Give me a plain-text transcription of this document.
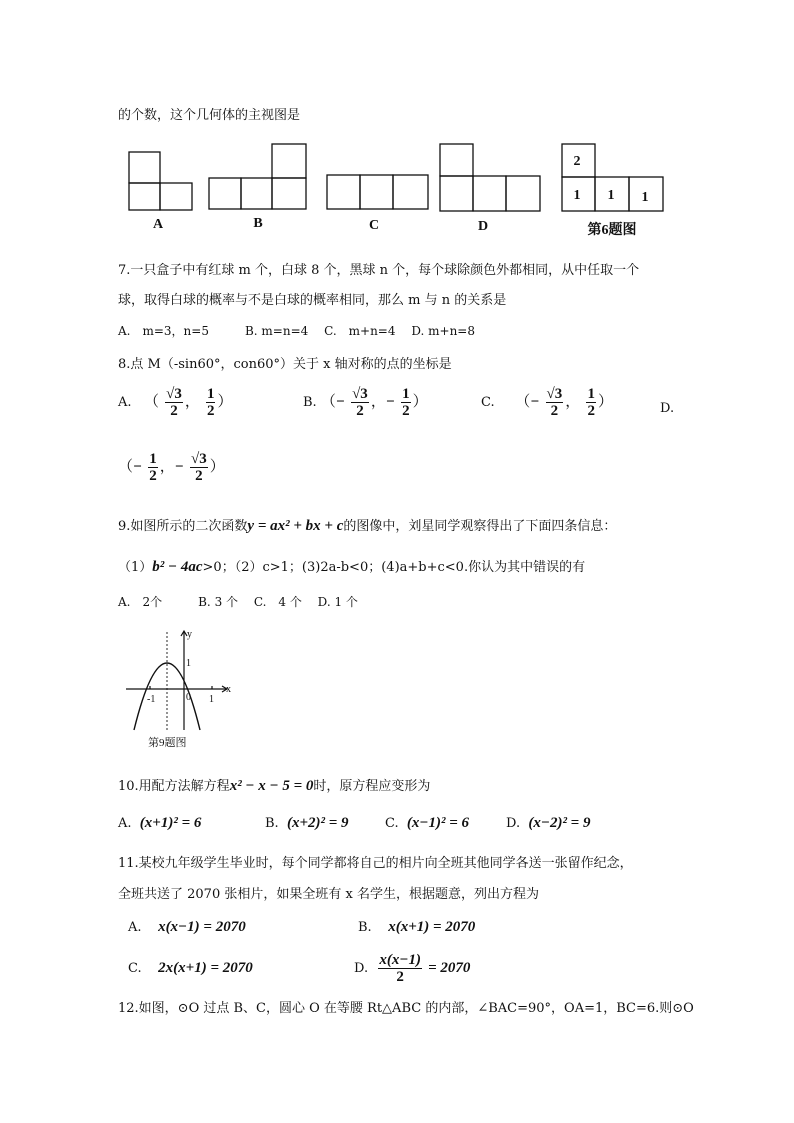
的个数，这个几何体的主视图是
A	B	C	D
2
1 1 1
第6题图
7.一只盒子中有红球 m 个，白球 8 个，黑球 n 个，每个球除颜色外都相同，从中任取一个
球，取得白球的概率与不是白球的概率相同，那么 m 与 n 的关系是
A.　m=3，n=5　　　B. m=n=4　 C.　m+n=4　 D. m+n=8
8.点 M（-sin60°，con60°）关于 x 轴对称的点的坐标是
A. （ $\frac{√3}{2}$ ， $\frac{1}{2}$ ）	B. （− $\frac{√3}{2}$ ，− $\frac{1}{2}$ ）	C. （− $\frac{√3}{2}$ ， $\frac{1}{2}$ ）	D.
（− $\frac{1}{2}$ ，− $\frac{√3}{2}$ ）
9.如图所示的二次函数y = ax² + bx + c的图像中，刘星同学观察得出了下面四条信息：
（1）b² − 4ac>0；（2）c>1；(3)2a-b<0；(4)a+b+c<0.你认为其中错误的有
A.　2个　　　B. 3 个　 C.　4 个　 D. 1 个
y
x
1
-1	0 1
第9题图
10.用配方法解方程x² − x − 5 = 0时，原方程应变形为
A. (x+1)² = 6	B. (x+2)² = 9	C. (x−1)² = 6	D. (x−2)² = 9
11.某校九年级学生毕业时，每个同学都将自己的相片向全班其他同学各送一张留作纪念，
全班共送了 2070 张相片，如果全班有 x 名学生，根据题意，列出方程为
A. x(x−1) = 2070	B. x(x+1) = 2070
C. 2x(x+1) = 2070	D. $\frac{x(x-1)}{2} = 2070$
12.如图，⊙O 过点 B、C，圆心 O 在等腰 Rt△ABC 的内部，∠BAC=90°，OA=1，BC=6.则⊙O
